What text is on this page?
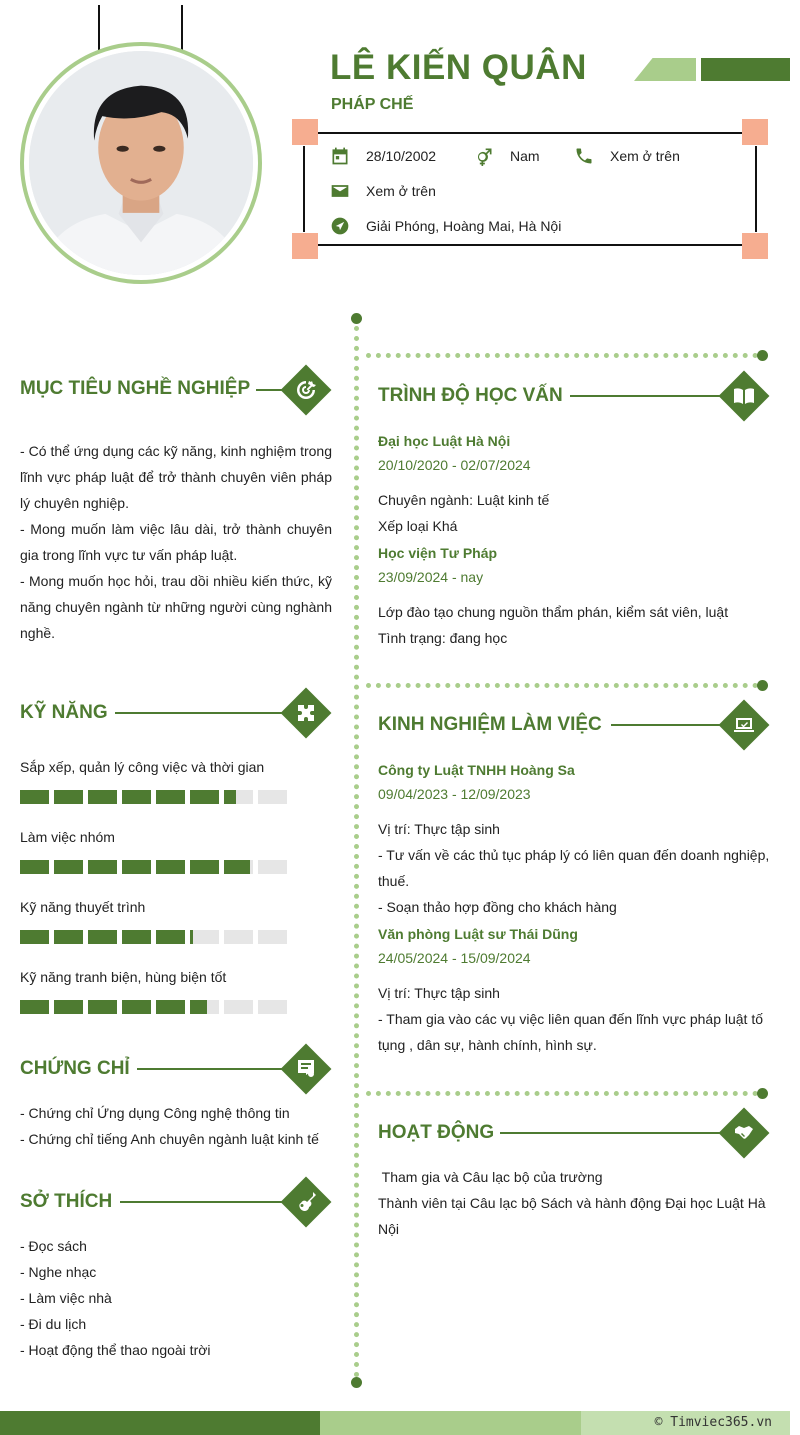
LÊ KIẾN QUÂN
PHÁP CHẾ
28/10/2002	Nam	Xem ở trên
Xem ở trên
Giải Phóng, Hoàng Mai, Hà Nội
MỤC TIÊU NGHỀ NGHIỆP
- Có thể ứng dụng các kỹ năng, kinh nghiệm trong lĩnh vực pháp luật để trở thành chuyên viên pháp lý chuyên nghiệp.
- Mong muốn làm việc lâu dài, trở thành chuyên gia trong lĩnh vực tư vấn pháp luật.
- Mong muốn học hỏi, trau dồi nhiều kiến thức, kỹ năng chuyên ngành từ những người cùng nghành nghề.
KỸ NĂNG
Sắp xếp, quản lý công việc và thời gian
Làm việc nhóm
Kỹ năng thuyết trình
Kỹ năng tranh biện, hùng biện tốt
CHỨNG CHỈ
- Chứng chỉ Ứng dụng Công nghệ thông tin
- Chứng chỉ tiếng Anh chuyên ngành luật kinh tế
SỞ THÍCH
- Đọc sách
- Nghe nhạc
- Làm việc nhà
- Đi du lịch
- Hoạt động thể thao ngoài trời
TRÌNH ĐỘ HỌC VẤN
Đại học Luật Hà Nội
20/10/2020 - 02/07/2024
Chuyên ngành: Luật kinh tế
Xếp loại Khá
Học viện Tư Pháp
23/09/2024 - nay
Lớp đào tạo chung nguồn thẩm phán, kiểm sát viên, luật
Tình trạng: đang học
KINH NGHIỆM LÀM VIỆC
Công ty Luật TNHH Hoàng Sa
09/04/2023 - 12/09/2023
Vị trí: Thực tập sinh
- Tư vấn về các thủ tục pháp lý có liên quan đến doanh nghiệp, thuế.
- Soạn thảo hợp đồng cho khách hàng
Văn phòng Luật sư Thái Dũng
24/05/2024 - 15/09/2024
Vị trí: Thực tập sinh
- Tham gia vào các vụ việc liên quan đến lĩnh vực pháp luật tố tụng , dân sự, hành chính, hình sự.
HOẠT ĐỘNG
Tham gia và Câu lạc bộ của trường
Thành viên tại Câu lạc bộ Sách và hành động Đại học Luật Hà Nội
© Timviec365.vn
